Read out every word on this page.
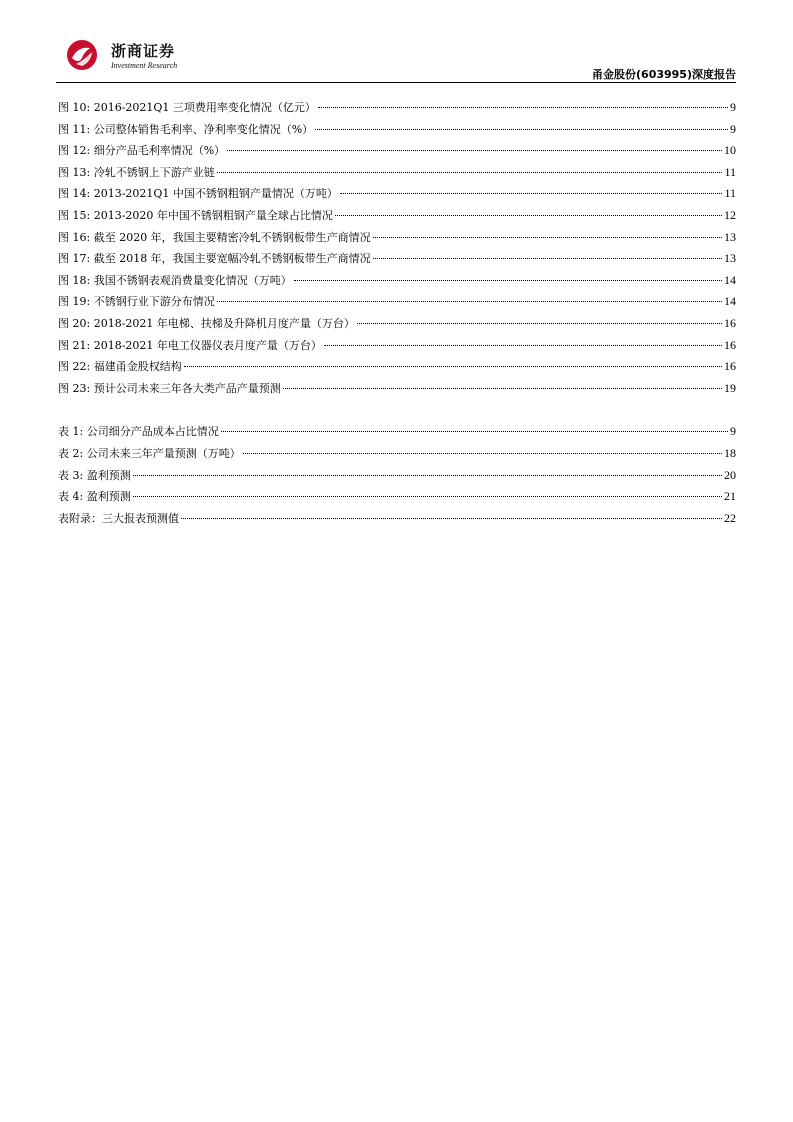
浙商证券
Investment Research
甬金股份(603995)深度报告
图 10: 2016-2021Q1 三项费用率变化情况（亿元）	9
图 11: 公司整体销售毛利率、净利率变化情况（%）	9
图 12: 细分产品毛利率情况（%）	10
图 13: 冷轧不锈钢上下游产业链	11
图 14: 2013-2021Q1 中国不锈钢粗钢产量情况（万吨）	11
图 15: 2013-2020 年中国不锈钢粗钢产量全球占比情况	12
图 16: 截至 2020 年，我国主要精密冷轧不锈钢板带生产商情况	13
图 17: 截至 2018 年，我国主要宽幅冷轧不锈钢板带生产商情况	13
图 18: 我国不锈钢表观消费量变化情况（万吨）	14
图 19: 不锈钢行业下游分布情况	14
图 20: 2018-2021 年电梯、扶梯及升降机月度产量（万台）	16
图 21: 2018-2021 年电工仪器仪表月度产量（万台）	16
图 22: 福建甬金股权结构	16
图 23: 预计公司未来三年各大类产品产量预测	19
表 1: 公司细分产品成本占比情况	9
表 2: 公司未来三年产量预测（万吨）	18
表 3: 盈利预测	20
表 4: 盈利预测	21
表附录：三大报表预测值	22
